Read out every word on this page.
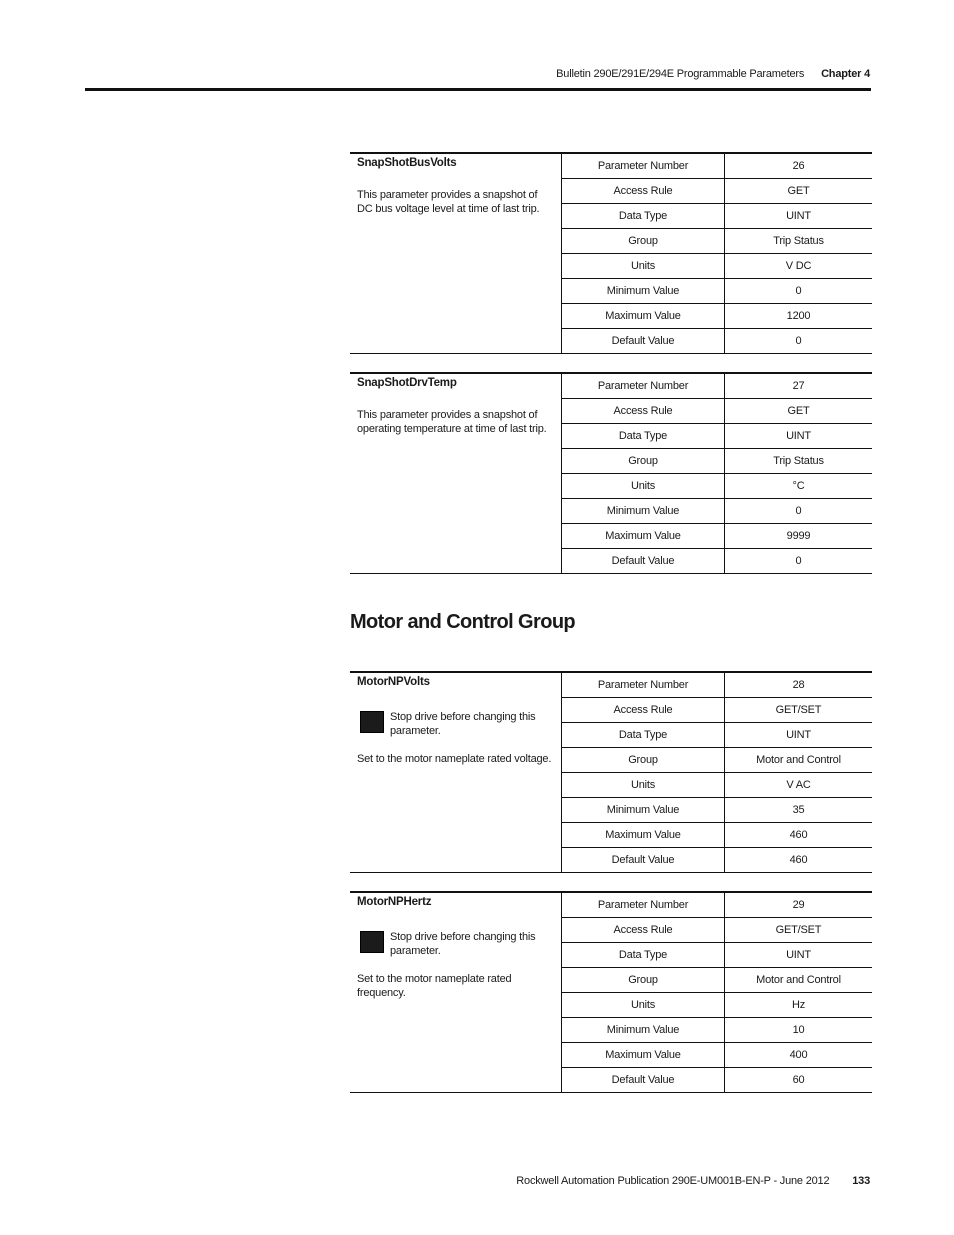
Bulletin 290E/291E/294E Programmable Parameters Chapter 4
SnapShotBusVolts
This parameter provides a snapshot of DC bus voltage level at time of last trip.	Parameter Number	26
	Access Rule	GET
	Data Type	UINT
	Group	Trip Status
	Units	V DC
	Minimum Value	0
	Maximum Value	1200
	Default Value	0
SnapShotDrvTemp
This parameter provides a snapshot of operating temperature at time of last trip.	Parameter Number	27
	Access Rule	GET
	Data Type	UINT
	Group	Trip Status
	Units	°C
	Minimum Value	0
	Maximum Value	9999
	Default Value	0
Motor and Control Group
MotorNPVolts
Stop drive before changing this parameter.
Set to the motor nameplate rated voltage.	Parameter Number	28
	Access Rule	GET/SET
	Data Type	UINT
	Group	Motor and Control
	Units	V AC
	Minimum Value	35
	Maximum Value	460
	Default Value	460
MotorNPHertz
Stop drive before changing this parameter.
Set to the motor nameplate rated frequency.	Parameter Number	29
	Access Rule	GET/SET
	Data Type	UINT
	Group	Motor and Control
	Units	Hz
	Minimum Value	10
	Maximum Value	400
	Default Value	60
Rockwell Automation Publication 290E-UM001B-EN-P - June 2012 133
